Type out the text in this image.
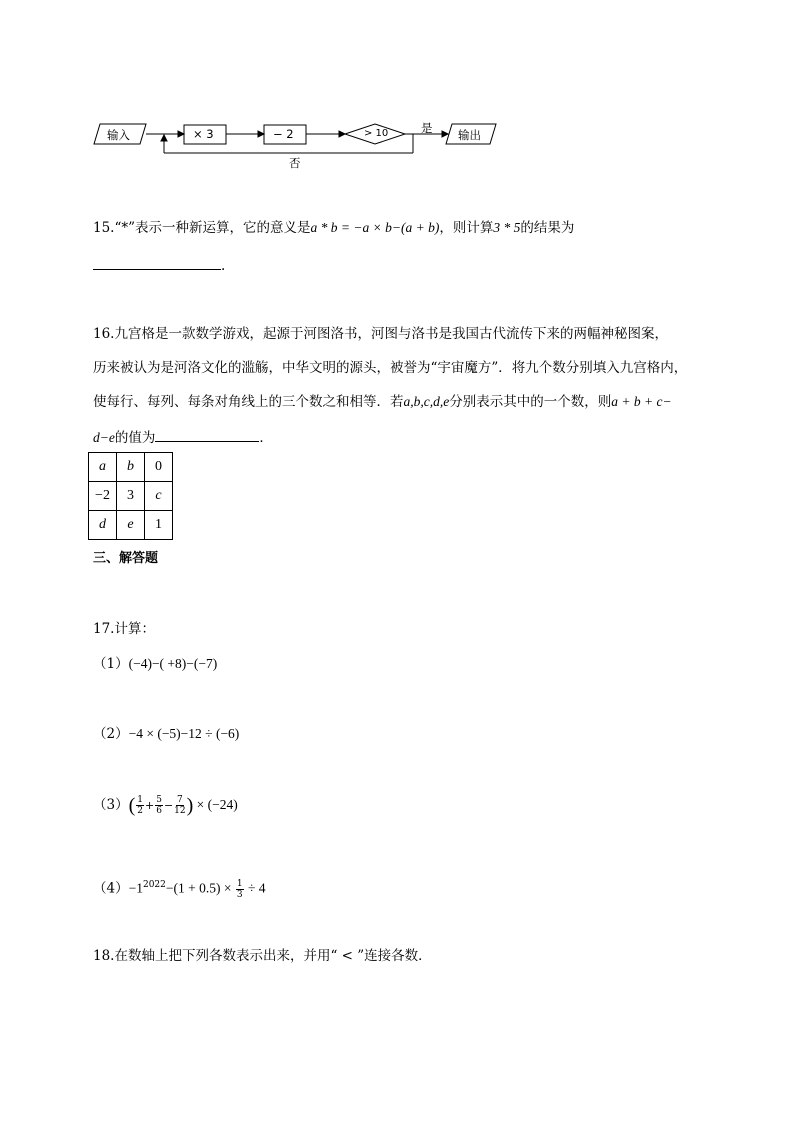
输入	× 3	− 2	> 10	是 输出
否
15.“*”表示一种新运算，它的意义是a * b = −a × b−(a + b)，则计算3 * 5的结果为
.
16.九宫格是一款数学游戏，起源于河图洛书，河图与洛书是我国古代流传下来的两幅神秘图案，
历来被认为是河洛文化的滥觞，中华文明的源头，被誉为“宇宙魔方”．将九个数分别填入九宫格内，
使每行、每列、每条对角线上的三个数之和相等．若a,b,c,d,e分别表示其中的一个数，则a + b + c−
d−e的值为	．
a	b	0
−2	3	c
d	e	1
三、解答题
17.计算：
（1）(−4)−( +8)−(−7)
（2）−4 × (−5)−12 ÷ (−6)
$(3)( \frac{1}{2} + \frac{5}{6} - \frac{7}{12}$ ) × (−24)
$(4)-1^{2022}-(1 + 0.5) \times \frac{1}{3} \div 4$
18.在数轴上把下列各数表示出来，并用“ < ”连接各数．
